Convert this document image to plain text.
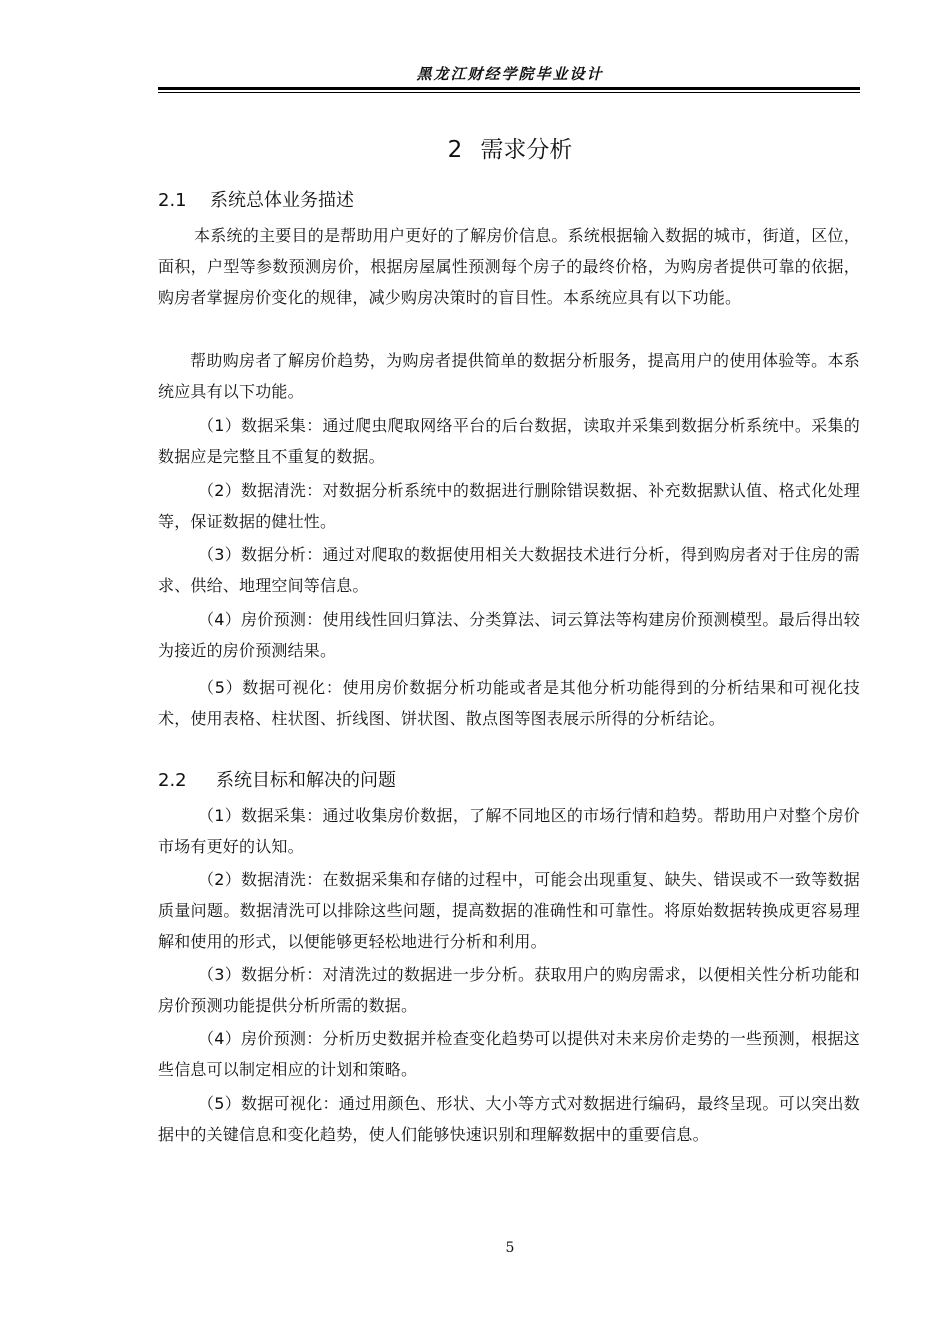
黑龙江财经学院毕业设计
2 需求分析
2.1 系统总体业务描述

本系统的主要目的是帮助用户更好的了解房价信息。系统根据输入数据的城市，街道，区位，面积，户型等参数预测房价，根据房屋属性预测每个房子的最终价格，为购房者提供可靠的依据，购房者掌握房价变化的规律，减少购房决策时的盲目性。本系统应具有以下功能。

帮助购房者了解房价趋势，为购房者提供简单的数据分析服务，提高用户的使用体验等。本系统应具有以下功能。

（1）数据采集：通过爬虫爬取网络平台的后台数据，读取并采集到数据分析系统中。采集的数据应是完整且不重复的数据。

（2）数据清洗：对数据分析系统中的数据进行删除错误数据、补充数据默认值、格式化处理等，保证数据的健壮性。

（3）数据分析：通过对爬取的数据使用相关大数据技术进行分析，得到购房者对于住房的需求、供给、地理空间等信息。

（4）房价预测：使用线性回归算法、分类算法、词云算法等构建房价预测模型。最后得出较为接近的房价预测结果。

（5）数据可视化：使用房价数据分析功能或者是其他分析功能得到的分析结果和可视化技术，使用表格、柱状图、折线图、饼状图、散点图等图表展示所得的分析结论。

2.2 系统目标和解决的问题

（1）数据采集：通过收集房价数据，了解不同地区的市场行情和趋势。帮助用户对整个房价市场有更好的认知。

（2）数据清洗：在数据采集和存储的过程中，可能会出现重复、缺失、错误或不一致等数据质量问题。数据清洗可以排除这些问题，提高数据的准确性和可靠性。将原始数据转换成更容易理解和使用的形式，以便能够更轻松地进行分析和利用。

（3）数据分析：对清洗过的数据进一步分析。获取用户的购房需求，以便相关性分析功能和房价预测功能提供分析所需的数据。

（4）房价预测：分析历史数据并检查变化趋势可以提供对未来房价走势的一些预测，根据这些信息可以制定相应的计划和策略。

（5）数据可视化：通过用颜色、形状、大小等方式对数据进行编码，最终呈现。可以突出数据中的关键信息和变化趋势，使人们能够快速识别和理解数据中的重要信息。

5
